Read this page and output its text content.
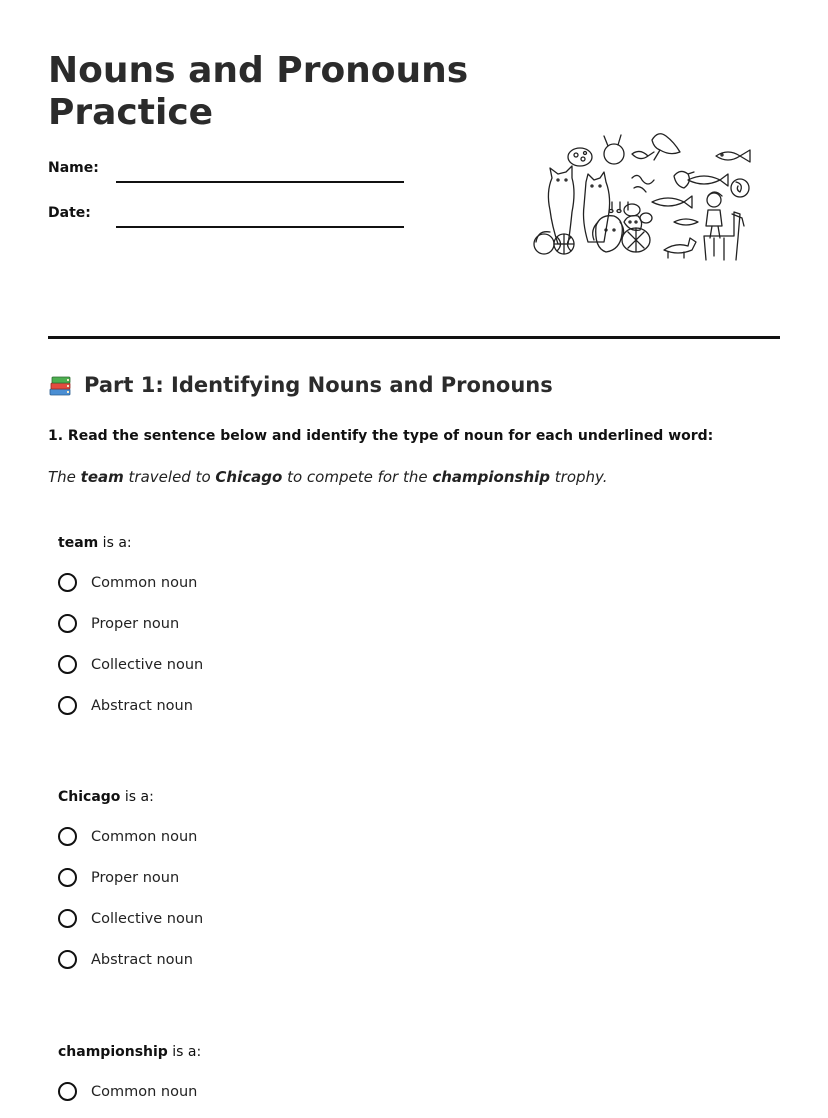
Nouns and Pronouns
Practice
Name:
Date:
Part 1: Identifying Nouns and Pronouns
1. Read the sentence below and identify the type of noun for each underlined word:
The team traveled to Chicago to compete for the championship trophy.
team is a:
Common noun
Proper noun
Collective noun
Abstract noun
Chicago is a:
Common noun
Proper noun
Collective noun
Abstract noun
championship is a:
Common noun
